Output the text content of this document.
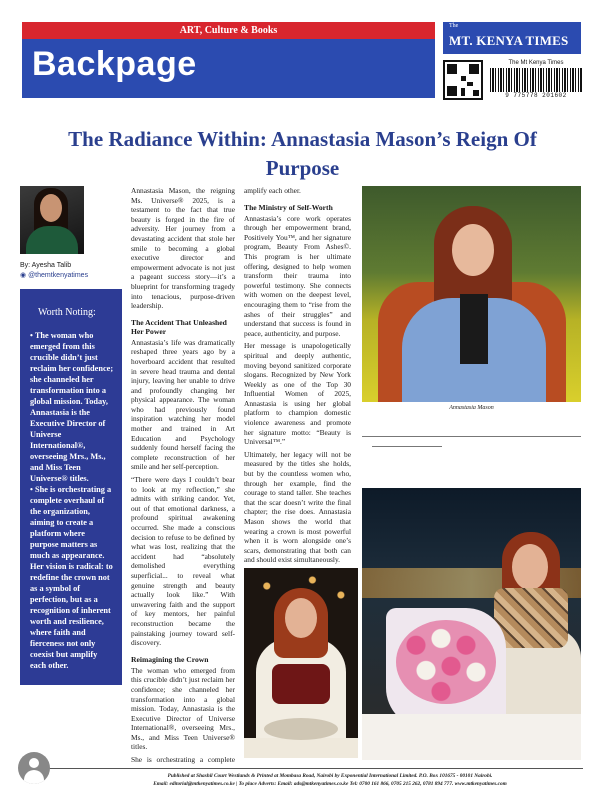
ART, Culture & Books
Backpage
The
MT. KENYA TIMES
The Mt Kenya Times
9 775778 201602
The Radiance Within: Annastasia Mason’s Reign Of Purpose
By: Ayesha Talib
◉ @themtkenyatimes
Worth Noting:

• The woman who emerged from this crucible didn’t just reclaim her confidence; she channeled her transformation into a global mission. Today, Annastasia is the Executive Director of Universe International®, overseeing Mrs., Ms., and Miss Teen Universe® titles.

• She is orchestrating a complete overhaul of the organization, aiming to create a platform where purpose matters as much as appearance. Her vision is radical: to redefine the crown not as a symbol of perfection, but as a recognition of inherent worth and resilience, where faith and fierceness not only coexist but amplify each other.

Annastasia Mason, the reigning Ms. Universe® 2025, is a testament to the fact that true beauty is forged in the fire of adversity. Her journey from a devastating accident that stole her smile to becoming a global executive director and empowerment advocate is not just a pageant success story—it’s a blueprint for transforming tragedy into tenacious, purpose-driven leadership.

The Accident That Unleashed Her Power

Annastasia’s life was dramatically reshaped three years ago by a hoverboard accident that resulted in severe head trauma and dental injury, leaving her unable to drive and profoundly changing her physical appearance. The woman who had previously found inspiration watching her model mother and trained in Art Education and Psychology suddenly found herself facing the complete reconstruction of her smile and her self-perception.

“There were days I couldn’t bear to look at my reflection,” she admits with striking candor. Yet, out of that emotional darkness, a profound spiritual awakening occurred. She made a conscious decision to refuse to be defined by what was lost, realizing that the accident had “absolutely demolished everything superficial... to reveal what genuine strength and beauty actually look like.” With unwavering faith and the support of key mentors, her painful reconstruction became the painstaking journey toward self-discovery.

Reimagining the Crown

The woman who emerged from this crucible didn’t just reclaim her confidence; she channeled her transformation into a global mission. Today, Annastasia is the Executive Director of Universe International®, overseeing Mrs., Ms., and Miss Teen Universe® titles.

She is orchestrating a complete

amplify each other.

The Ministry of Self-Worth

Annastasia’s core work operates through her empowerment brand, Positively You™, and her signature program, Beauty From Ashes©. This program is her ultimate offering, designed to help women transform their trauma into powerful testimony. She connects with women on the deepest level, encouraging them to “rise from the ashes of their struggles” and understand that success is found in peace, authenticity, and purpose.

Her message is unapologetically spiritual and deeply authentic, moving beyond sanitized corporate slogans. Recognized by New York Weekly as one of the Top 30 Influential Women of 2025, Annastasia is using her global platform to champion domestic violence awareness and promote her signature motto: “Beauty is Universal™.”

Ultimately, her legacy will not be measured by the titles she holds, but by the countless women who, through her example, find the courage to stand taller. She teaches that the scar doesn’t write the final chapter; the rise does. Annastasia Mason shows the world that wearing a crown is most powerful when it is worn alongside one’s scars, demonstrating that both can and should exist simultaneously.

Annastasia Mason
Published at Shashil Court Westlands & Printed at Mombasa Road, Nairobi by Exponential International Limited. P.O. Box 101675 - 00101 Nairobi.
Email: editorial@mtkenyatimes.co.ke | To place Adverts: Email: ads@mtkenyatimes.co.ke Tel: 0700 161 866, 0705 215 262, 0781 894 777. www.mtkenyatimes.com
